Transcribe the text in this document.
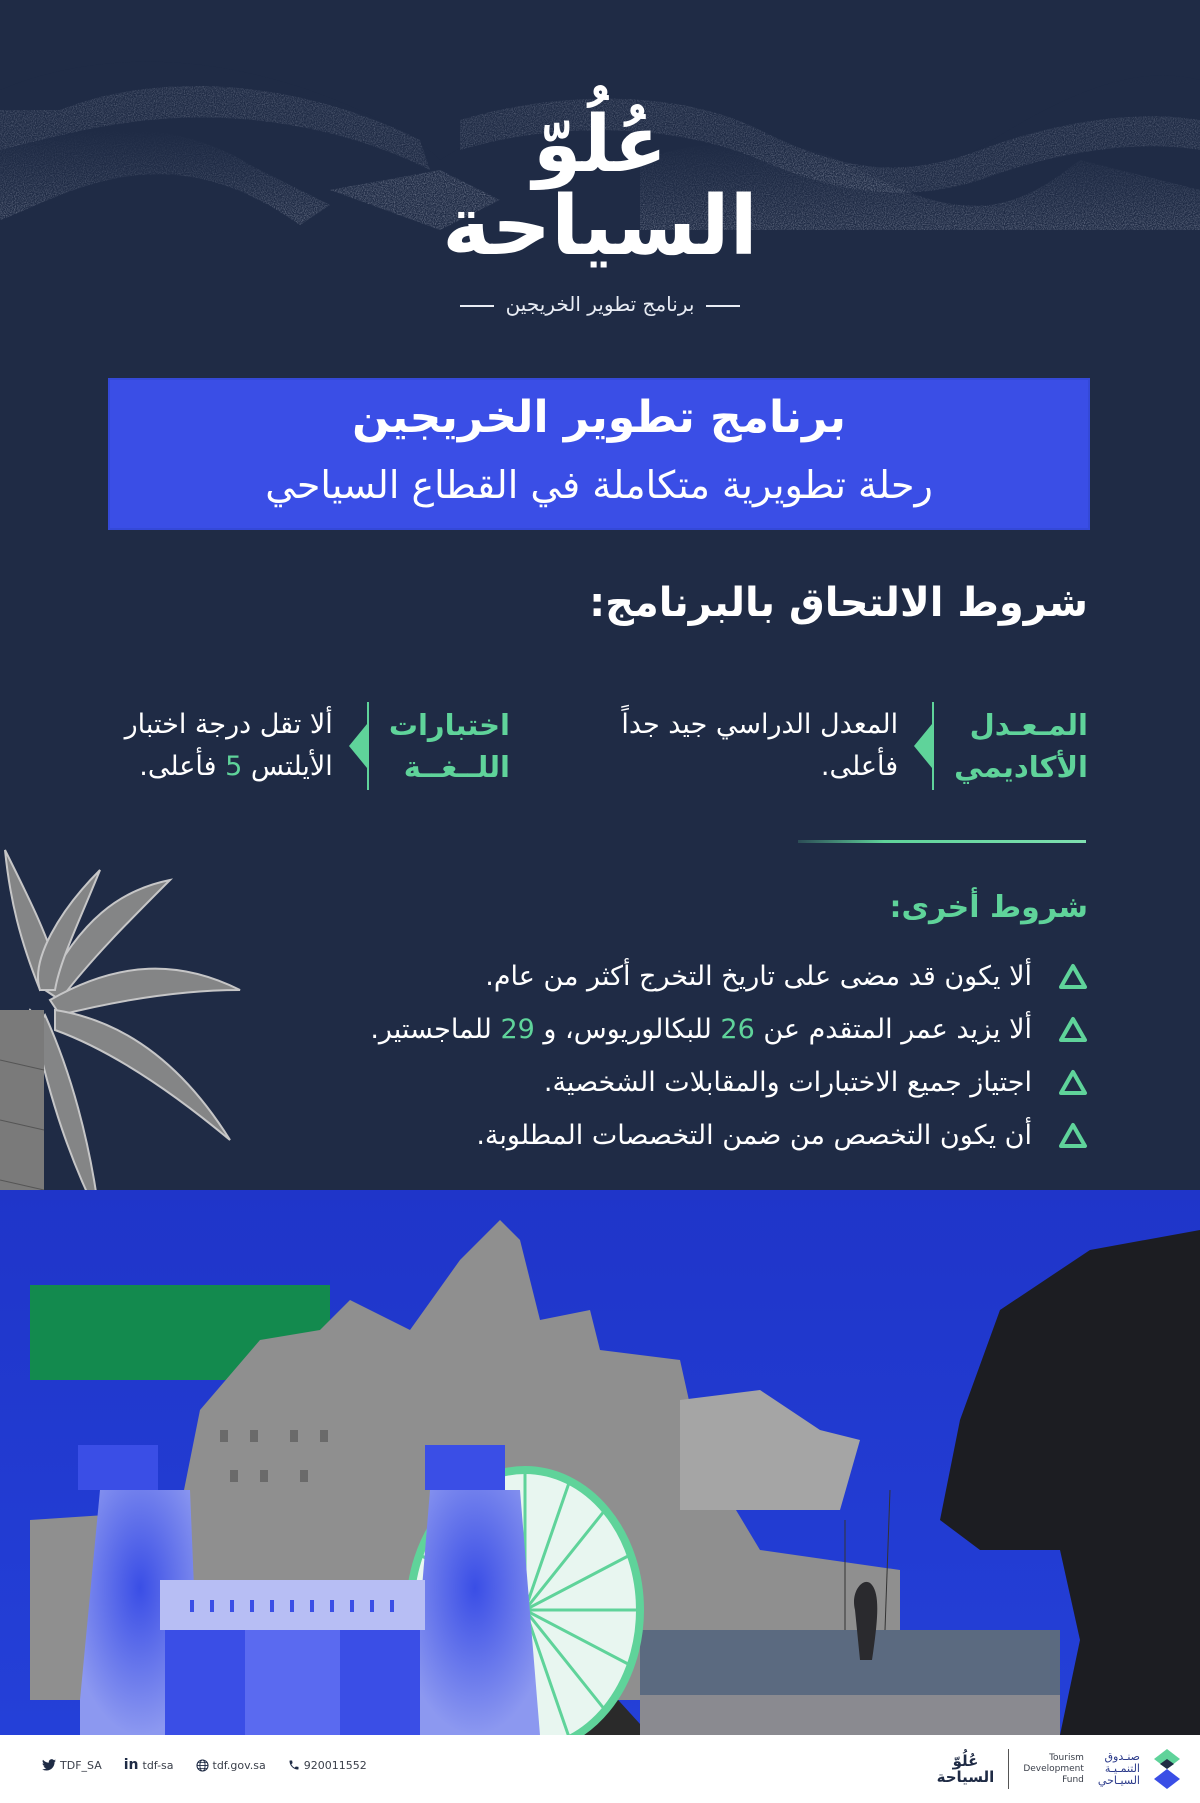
عُلُوّ
السياحة
برنامج تطوير الخريجين
برنامج تطوير الخريجين
رحلة تطويرية متكاملة في القطاع السياحي
شروط الالتحاق بالبرنامج:
المـعـدل
الأكاديمي
المعدل الدراسي جيد جداً
فأعلى.
اختبارات
اللــغــة
ألا تقل درجة اختبار
الأيلتس 5 فأعلى.
شروط أخرى:
ألا يكون قد مضى على تاريخ التخرج أكثر من عام.
ألا يزيد عمر المتقدم عن 26 للبكالوريوس، و 29 للماجستير.
اجتياز جميع الاختبارات والمقابلات الشخصية.
أن يكون التخصص من ضمن التخصصات المطلوبة.
TDF_SA in tdf-sa	tdf.gov.sa	920011552	عُلُوّ
السياحة
Tourism
Development
Fund
صنـدوق
التنمـيـة
السيـاحي
